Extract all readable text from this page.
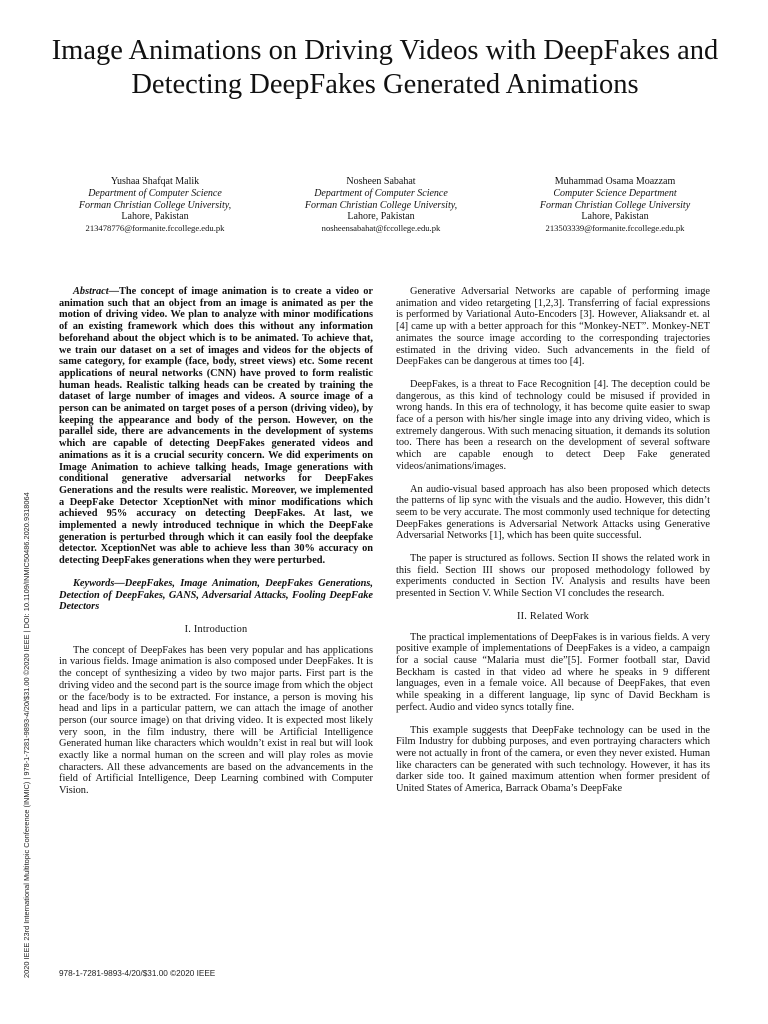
Image Animations on Driving Videos with DeepFakes and Detecting DeepFakes Generated Animations
Yushaa Shafqat Malik
Department of Computer Science
Forman Christian College University,
Lahore, Pakistan
213478776@formanite.fccollege.edu.pk
Nosheen Sabahat
Department of Computer Science
Forman Christian College University,
Lahore, Pakistan
nosheensabahat@fccollege.edu.pk
Muhammad Osama Moazzam
Computer Science Department
Forman Christian College University
Lahore, Pakistan
213503339@formanite.fccollege.edu.pk

Abstract—The concept of image animation is to create a video or animation such that an object from an image is animated as per the motion of driving video. We plan to analyze with minor modifications of an existing framework which does this without any information beforehand about the object which is to be animated. To achieve that, we train our dataset on a set of images and videos for the objects of same category, for example (face, body, street views) etc. Some recent applications of neural networks (CNN) have proved to form realistic human heads. Realistic talking heads can be created by training the dataset of large number of images and videos. A source image of a person can be animated on target poses of a person (driving video), by keeping the appearance and body of the person. However, on the parallel side, there are advancements in the development of systems which are capable of detecting DeepFakes generated videos and animations as it is a crucial security concern. We did experiments on Image Animation to achieve talking heads, Image generations with conditional generative adversarial networks for DeepFakes Generations and the results were realistic. Moreover, we implemented a DeepFake Detector XceptionNet with minor modifications which achieved 95% accuracy on detecting DeepFakes. At last, we implemented a newly introduced technique in which the DeepFake generation is perturbed through which it can easily fool the deepfake detector. XceptionNet was able to achieve less than 30% accuracy on detecting DeepFakes generations when they were perturbed.

Keywords—DeepFakes, Image Animation, DeepFakes Generations, Detection of DeepFakes, GANS, Adversarial Attacks, Fooling DeepFake Detectors

I. Introduction

The concept of DeepFakes has been very popular and has applications in various fields. Image animation is also composed under DeepFakes. It is the concept of synthesizing a video by two major parts. First part is the driving video and the second part is the source image from which the object or the face/body is to be extracted. For instance, a person is moving his head and lips in a particular pattern, we can attach the image of another person (our source image) on that driving video. It is expected most likely very soon, in the film industry, there will be Artificial Intelligence Generated human like characters which wouldn’t exist in real but will look exactly like a normal human on the screen and will play roles as movie characters. All these advancements are based on the advancements in the field of Artificial Intelligence, Deep Learning combined with Computer Vision.

Generative Adversarial Networks are capable of performing image animation and video retargeting [1,2,3]. Transferring of facial expressions is performed by Variational Auto-Encoders [3]. However, Aliaksandr et. al [4] came up with a better approach for this “Monkey-NET”. Monkey-NET animates the source image according to the corresponding trajectories estimated in the driving video. Such advancements in the field of DeepFakes can be dangerous at times too [4].

DeepFakes, is a threat to Face Recognition [4]. The deception could be dangerous, as this kind of technology could be misused if provided in wrong hands. In this era of technology, it has become quite easier to swap face of a person with his/her single image into any driving video, which is extremely dangerous. With such menacing situation, it demands its solution too. There has been a research on the development of several software which are capable enough to detect Deep Fake generated videos/animations/images.

An audio-visual based approach has also been proposed which detects the patterns of lip sync with the visuals and the audio. However, this didn’t seem to be very accurate. The most commonly used technique for detecting DeepFakes generations is Adversarial Network Attacks using Generative Adversarial Networks [1], which has been quite successful.

The paper is structured as follows. Section II shows the related work in this field. Section III shows our proposed methodology followed by experiments conducted in Section IV. Analysis and results have been presented in Section V. While Section VI concludes the research.

II. Related Work

The practical implementations of DeepFakes is in various fields. A very positive example of implementations of DeepFakes is a video, a campaign for a social cause “Malaria must die”[5]. Former football star, David Beckham is casted in that video ad where he speaks in 9 different languages, even in a female voice. All because of DeepFakes, that even while speaking in a different language, lip sync of David Beckham is perfect. Audio and video syncs totally fine.

This example suggests that DeepFake technology can be used in the Film Industry for dubbing purposes, and even portraying characters which were not actually in front of the camera, or even they never existed. Human like characters can be generated with such technology. However, it has its darker side too. It gained maximum attention when former president of United States of America, Barrack Obama’s DeepFake

2020 IEEE 23rd International Multitopic Conference (INMIC) | 978-1-7281-9893-4/20/$31.00 ©2020 IEEE | DOI: 10.1109/INMIC50486.2020.9318064	978-1-7281-9893-4/20/$31.00 ©2020 IEEE
